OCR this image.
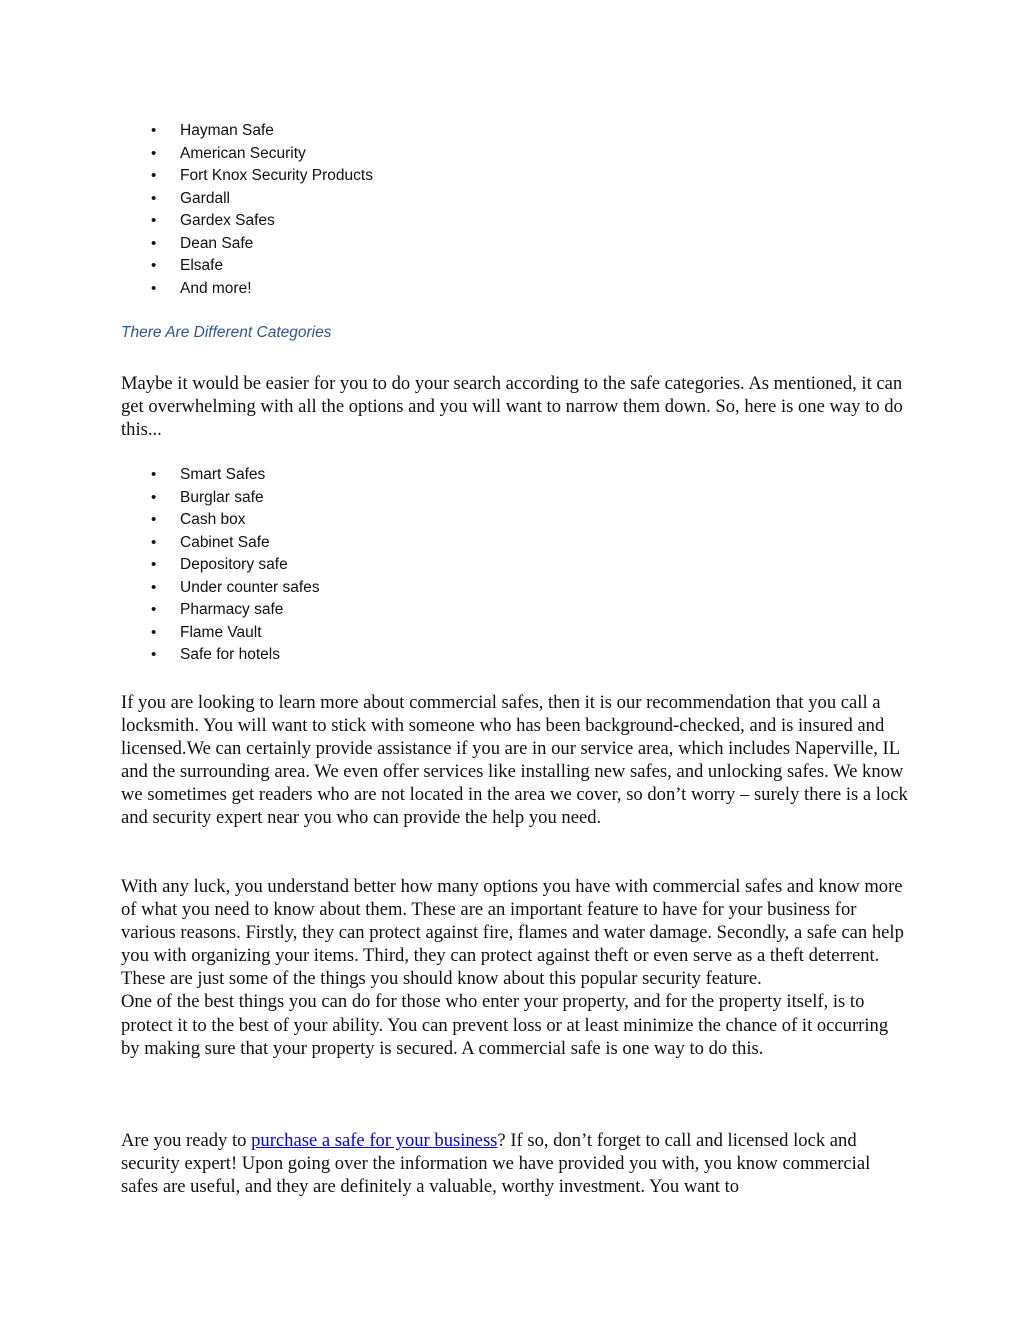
• Hayman Safe
• American Security
• Fort Knox Security Products
• Gardall
• Gardex Safes
• Dean Safe
• Elsafe
• And more!
There Are Different Categories

Maybe it would be easier for you to do your search according to the safe categories. As mentioned, it can get overwhelming with all the options and you will want to narrow them down. So, here is one way to do this...

• Smart Safes
• Burglar safe
• Cash box
• Cabinet Safe
• Depository safe
• Under counter safes
• Pharmacy safe
• Flame Vault
• Safe for hotels

If you are looking to learn more about commercial safes, then it is our recommendation that you call a locksmith. You will want to stick with someone who has been background-checked, and is insured and licensed.We can certainly provide assistance if you are in our service area, which includes Naperville, IL and the surrounding area. We even offer services like installing new safes, and unlocking safes. We know we sometimes get readers who are not located in the area we cover, so don’t worry – surely there is a lock and security expert near you who can provide the help you need.

With any luck, you understand better how many options you have with commercial safes and know more of what you need to know about them. These are an important feature to have for your business for various reasons. Firstly, they can protect against fire, flames and water damage. Secondly, a safe can help you with organizing your items. Third, they can protect against theft or even serve as a theft deterrent. These are just some of the things you should know about this popular security feature.
One of the best things you can do for those who enter your property, and for the property itself, is to protect it to the best of your ability. You can prevent loss or at least minimize the chance of it occurring by making sure that your property is secured. A commercial safe is one way to do this.

Are you ready to purchase a safe for your business? If so, don’t forget to call and licensed lock and security expert! Upon going over the information we have provided you with, you know commercial safes are useful, and they are definitely a valuable, worthy investment. You want to
